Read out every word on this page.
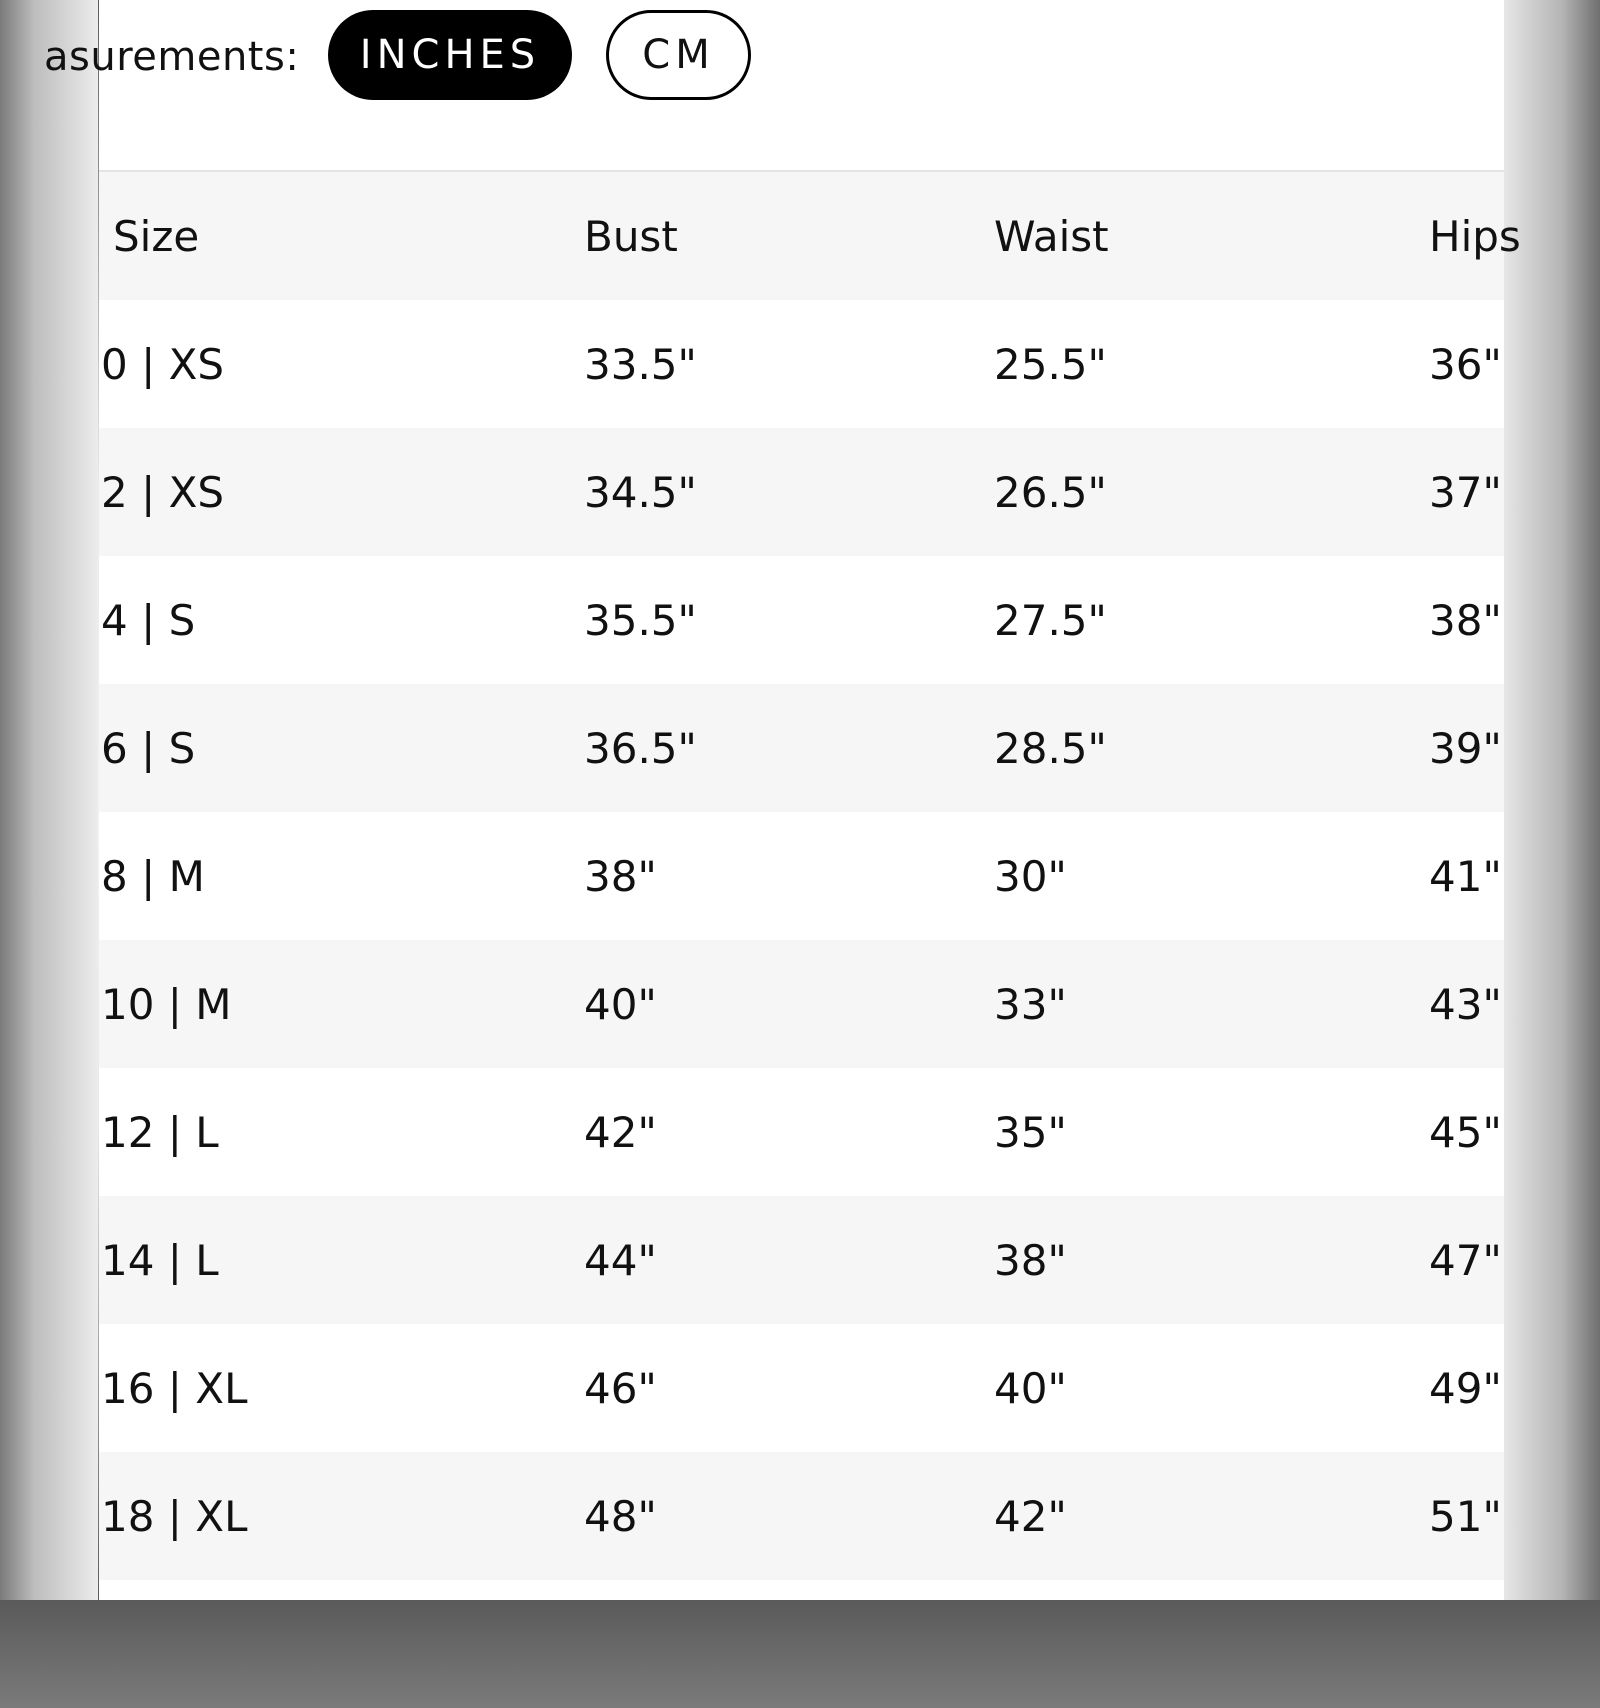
asurements:	INCHES	CM
Size	Bust	Waist	Hips
0 | XS	33.5"	25.5"	36"
2 | XS	34.5"	26.5"	37"
4 | S	35.5"	27.5"	38"
6 | S	36.5"	28.5"	39"
8 | M	38"	30"	41"
10 | M	40"	33"	43"
12 | L	42"	35"	45"
14 | L	44"	38"	47"
16 | XL	46"	40"	49"
18 | XL	48"	42"	51"
